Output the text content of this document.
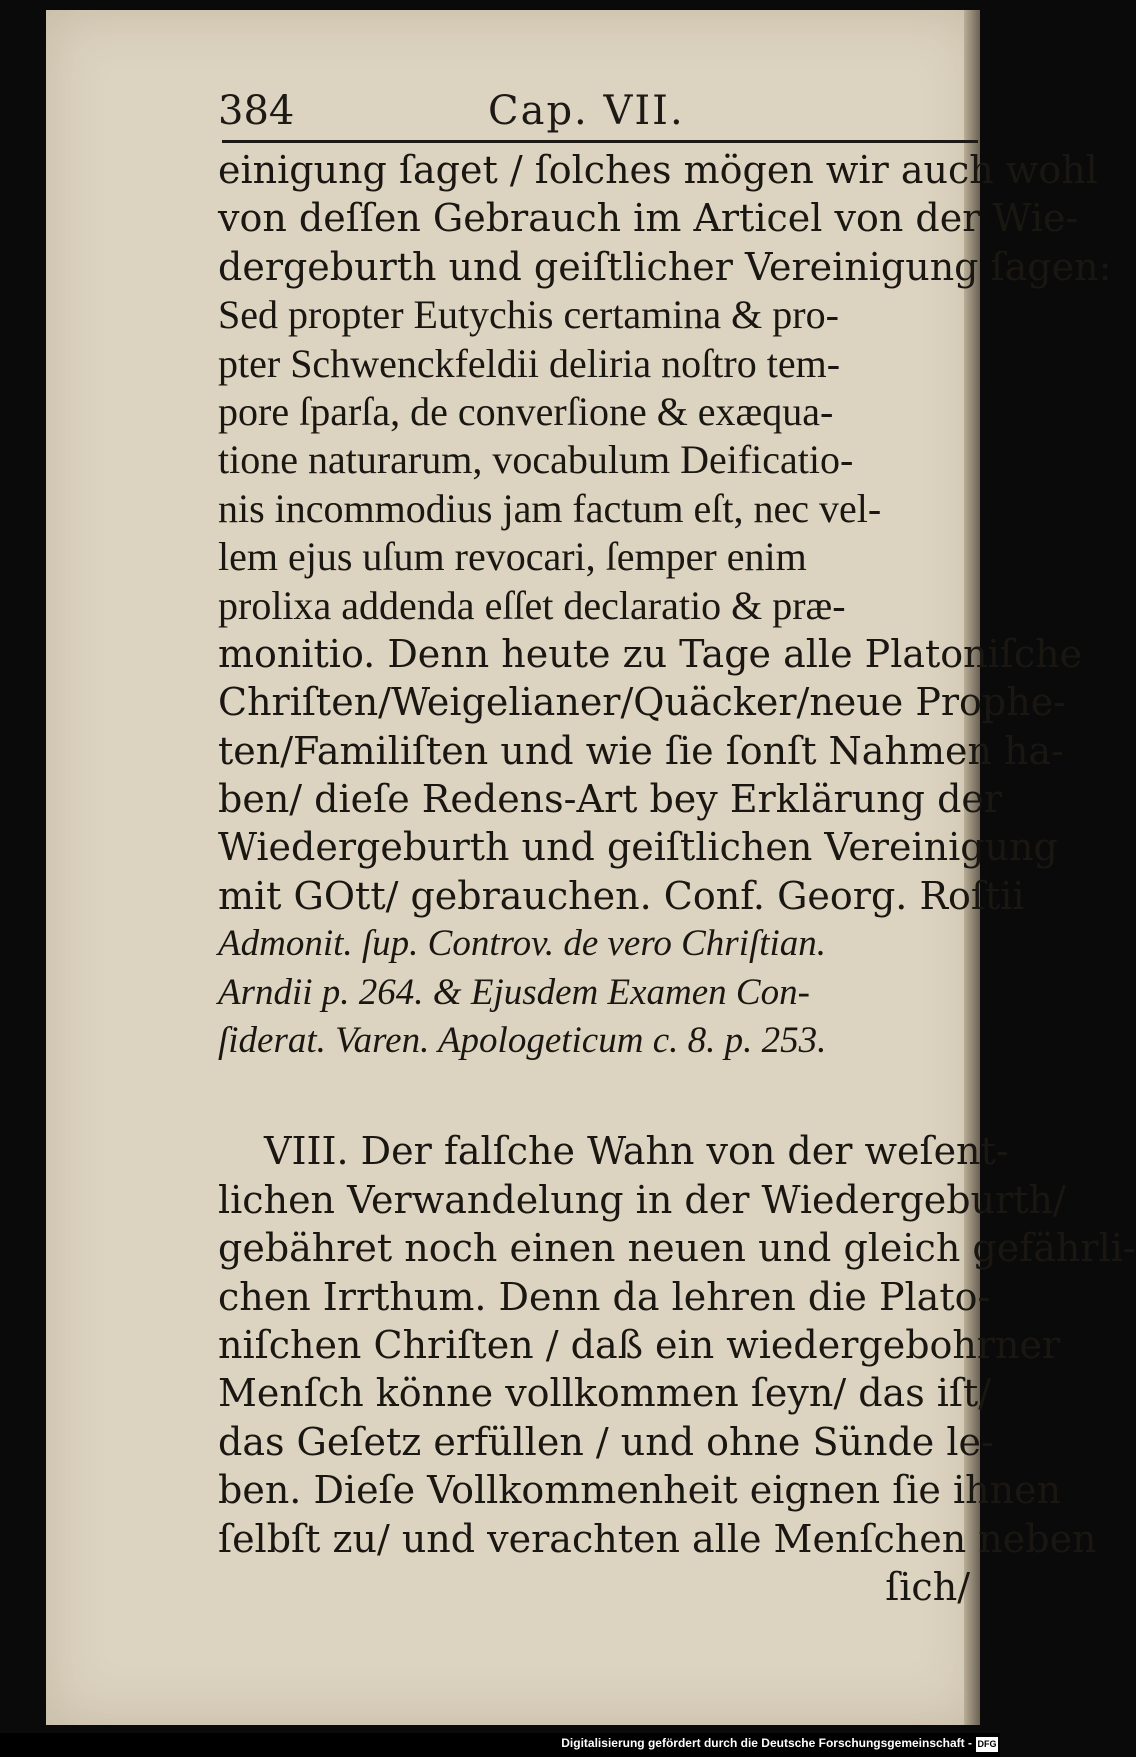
384	Cap. VII.
einigung ſaget / ſolches mögen wir auch wohl
von deſſen Gebrauch im Articel von der Wie-
dergeburth und geiſtlicher Vereinigung ſagen:
Sed propter Eutychis certamina & pro-
pter Schwenckfeldii deliria noſtro tem-
pore ſparſa, de converſione & exæqua-
tione naturarum, vocabulum Deificatio-
nis incommodius jam factum eſt, nec vel-
lem ejus uſum revocari, ſemper enim
prolixa addenda eſſet declaratio & præ-
monitio. Denn heute zu Tage alle Platoniſche
Chriſten/Weigelianer/Quäcker/neue Prophe-
ten/Familiſten und wie ſie ſonſt Nahmen ha-
ben/ dieſe Redens-Art bey Erklärung der
Wiedergeburth und geiſtlichen Vereinigung
mit GOtt/ gebrauchen. Conf. Georg. Roſtii
Admonit. ſup. Controv. de vero Chriſtian.
Arndii p. 264. & Ejusdem Examen Con-
ſiderat. Varen. Apologeticum c. 8. p. 253.
VIII. Der falſche Wahn von der weſent-
lichen Verwandelung in der Wiedergeburth/
gebähret noch einen neuen und gleich gefährli-
chen Irrthum. Denn da lehren die Plato-
niſchen Chriſten / daß ein wiedergebohrner
Menſch könne vollkommen ſeyn/ das iſt/
das Geſetz erfüllen / und ohne Sünde le-
ben. Dieſe Vollkommenheit eignen ſie ihnen
ſelbſt zu/ und verachten alle Menſchen neben
ſich/
Digitalisierung gefördert durch die Deutsche Forschungsgemeinschaft - DFG
